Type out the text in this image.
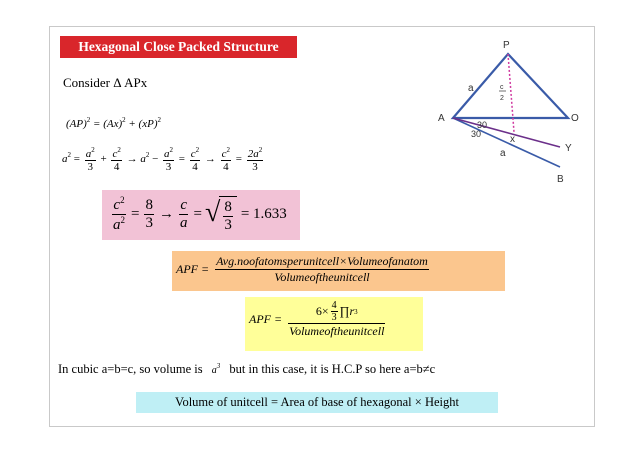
Hexagonal Close Packed Structure
Consider Δ APx
$(AP)^2 = (Ax)^2 + (xP)^2$
$a^2 = \frac{a^2}{3} + \frac{c^2}{4} \to a^2 - \frac{a^2}{3} = \frac{c^2}{4} \to \frac{c^2}{4} = \frac{2a^2}{3}$
$\frac{c^2}{a^2} = \frac{8}{3} \to \frac{c}{a}$ = √ $\frac{8}{3} = 1.633$
APF = $\frac{\text{Avg.noofatomsperunitcell×Volumeofanatom}}{\text{Volumeoftheunitcell}}$
APF = $\frac{6\times \frac{4}{3} \prod r 3}{\text{Volumeoftheunitcell}}$
In cubic a=b=c, so volume is $a^3$ but in this case, it is H.C.P so here a=b≠c
Volume of unitcell = Area of base of hexagonal × Height
P
A	O
x
Y
B
a
a
30
30
c
2
